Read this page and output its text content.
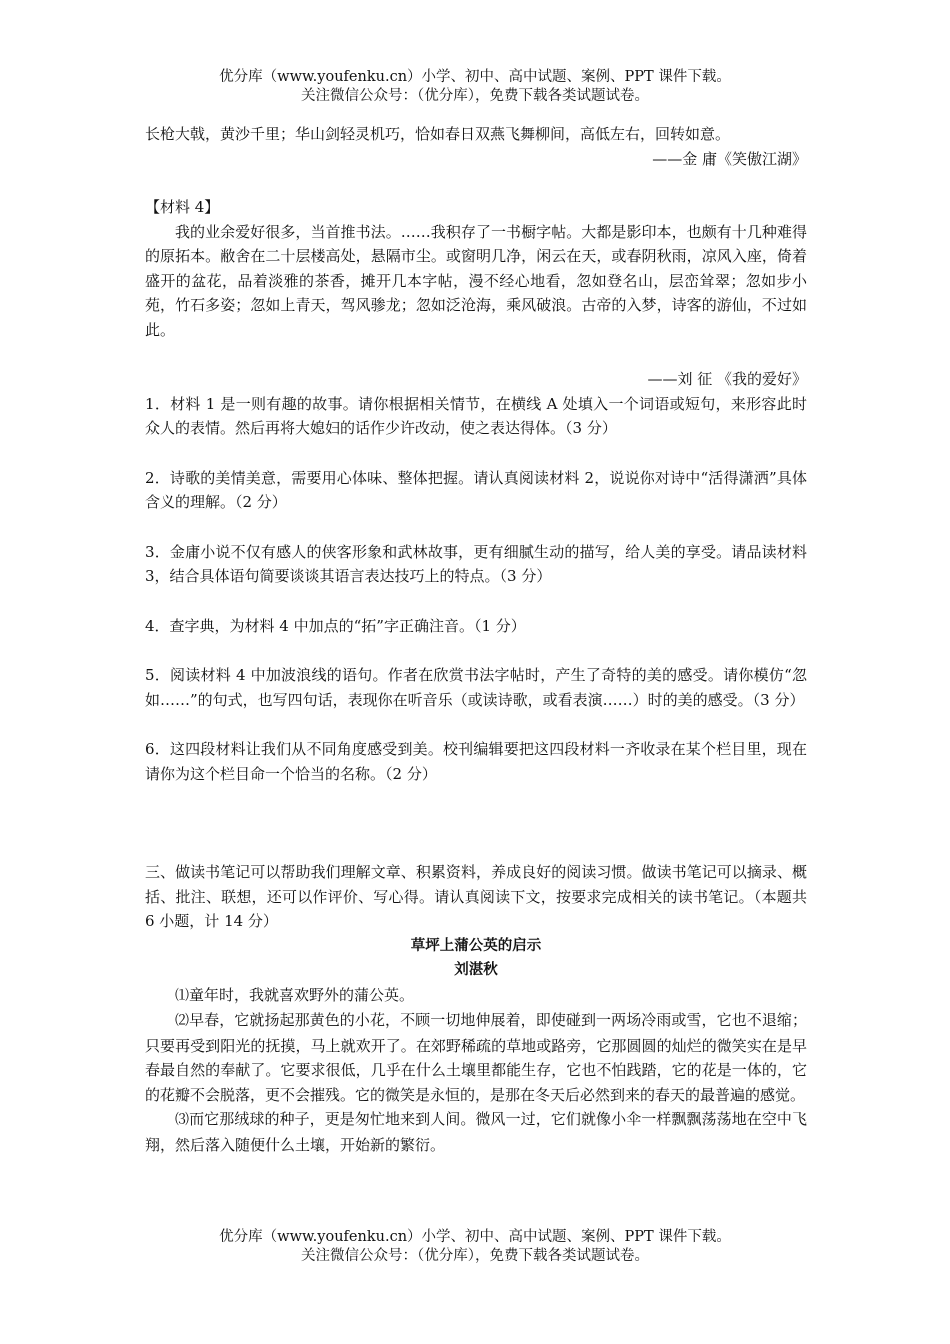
优分库（www.youfenku.cn）小学、初中、高中试题、案例、PPT 课件下载。

关注微信公众号：（优分库），免费下载各类试题试卷。

长枪大戟，黄沙千里；华山剑轻灵机巧，恰如春日双燕飞舞柳间，高低左右，回转如意。

——金 庸《笑傲江湖》

【材料 4】

我的业余爱好很多，当首推书法。……我积存了一书橱字帖。大都是影印本，也颇有十几种难得的原拓本。敝舍在二十层楼高处，悬隔市尘。或窗明几净，闲云在天，或春阴秋雨，凉风入座，倚着盛开的盆花，品着淡雅的茶香，摊开几本字帖，漫不经心地看，忽如登名山，层峦耸翠；忽如步小苑，竹石多姿；忽如上青天，驾风骖龙；忽如泛沧海，乘风破浪。古帝的入梦，诗客的游仙，不过如此。

——刘 征 《我的爱好》

1．材料 1 是一则有趣的故事。请你根据相关情节，在横线 A 处填入一个词语或短句，来形容此时众人的表情。然后再将大媳妇的话作少许改动，使之表达得体。（3 分）

2．诗歌的美情美意，需要用心体味、整体把握。请认真阅读材料 2，说说你对诗中“活得潇洒”具体含义的理解。（2 分）

3．金庸小说不仅有感人的侠客形象和武林故事，更有细腻生动的描写，给人美的享受。请品读材料 3，结合具体语句简要谈谈其语言表达技巧上的特点。（3 分）

4．查字典，为材料 4 中加点的“拓”字正确注音。（1 分）

5．阅读材料 4 中加波浪线的语句。作者在欣赏书法字帖时，产生了奇特的美的感受。请你模仿“忽如……”的句式，也写四句话，表现你在听音乐（或读诗歌，或看表演……）时的美的感受。（3 分）

6．这四段材料让我们从不同角度感受到美。校刊编辑要把这四段材料一齐收录在某个栏目里，现在请你为这个栏目命一个恰当的名称。（2 分）

三、做读书笔记可以帮助我们理解文章、积累资料，养成良好的阅读习惯。做读书笔记可以摘录、概括、批注、联想，还可以作评价、写心得。请认真阅读下文，按要求完成相关的读书笔记。（本题共 6 小题，计 14 分）

草坪上蒲公英的启示

刘湛秋

⑴童年时，我就喜欢野外的蒲公英。

⑵早春，它就扬起那黄色的小花，不顾一切地伸展着，即使碰到一两场冷雨或雪，它也不退缩；只要再受到阳光的抚摸，马上就欢开了。在郊野稀疏的草地或路旁，它那圆圆的灿烂的微笑实在是早春最自然的奉献了。它要求很低，几乎在什么土壤里都能生存，它也不怕践踏，它的花是一体的，它的花瓣不会脱落，更不会摧残。它的微笑是永恒的，是那在冬天后必然到来的春天的最普遍的感觉。

⑶而它那绒球的种子，更是匆忙地来到人间。微风一过，它们就像小伞一样飘飘荡荡地在空中飞翔，然后落入随便什么土壤，开始新的繁衍。

优分库（www.youfenku.cn）小学、初中、高中试题、案例、PPT 课件下载。

关注微信公众号：（优分库），免费下载各类试题试卷。
